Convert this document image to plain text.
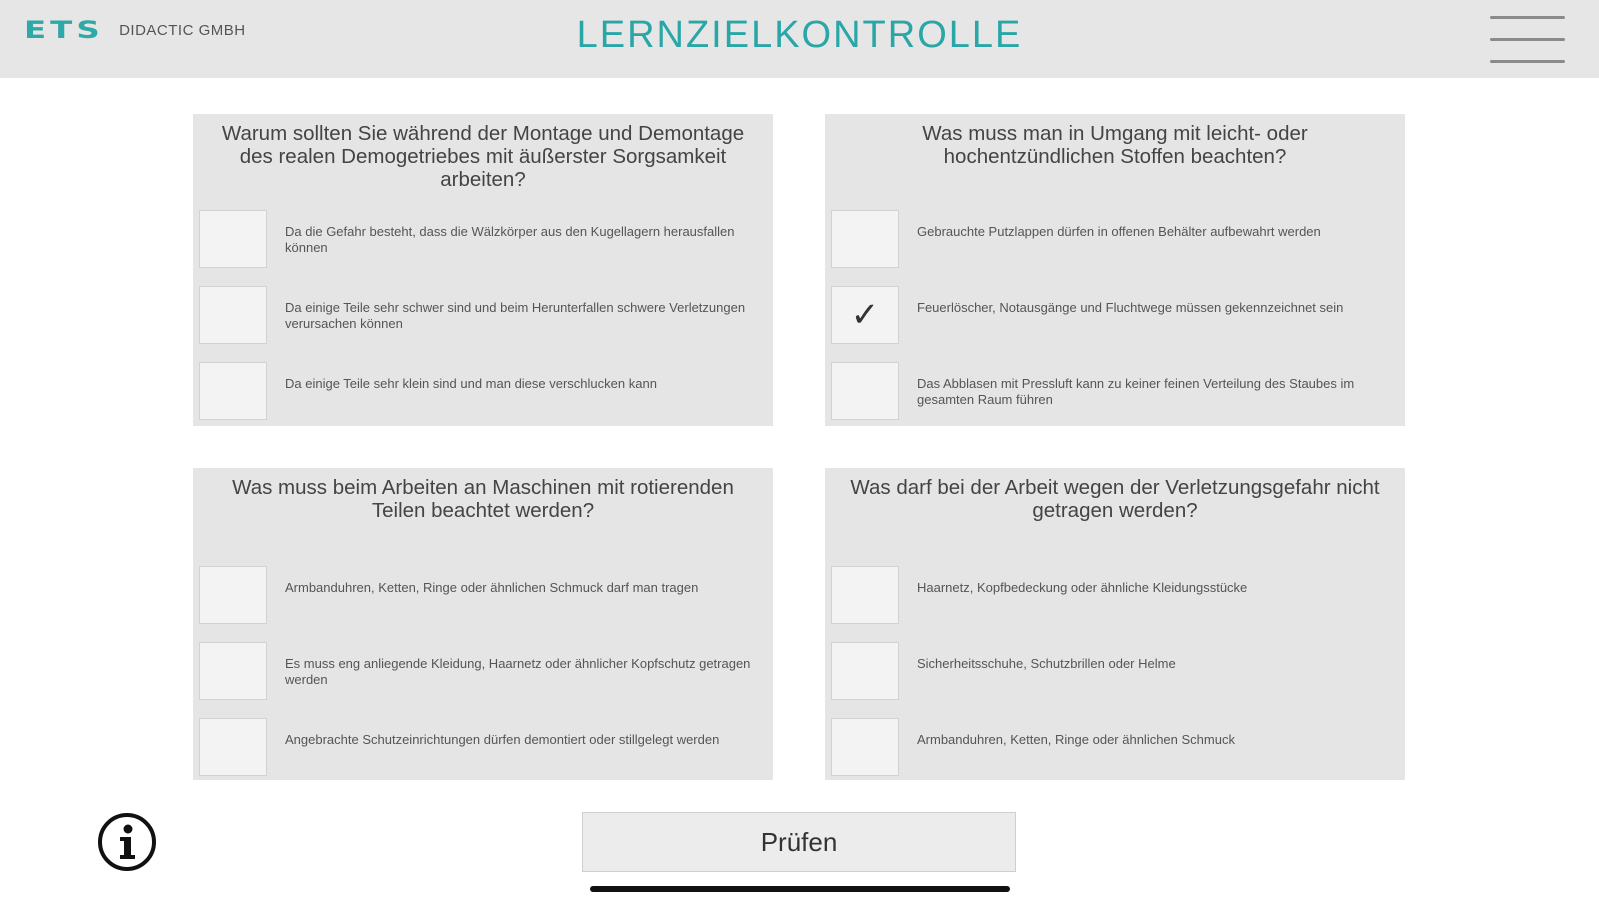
ETS DIDACTIC GMBH	LERNZIELKONTROLLE
Warum sollten Sie während der Montage und Demontage des realen Demogetriebes mit äußerster Sorgsamkeit arbeiten?
Da die Gefahr besteht, dass die Wälzkörper aus den Kugellagern herausfallen können
Da einige Teile sehr schwer sind und beim Herunterfallen schwere Verletzungen verursachen können
Da einige Teile sehr klein sind und man diese verschlucken kann
Was muss man in Umgang mit leicht- oder hochentzündlichen Stoffen beachten?
Gebrauchte Putzlappen dürfen in offenen Behälter aufbewahrt werden
✓	Feuerlöscher, Notausgänge und Fluchtwege müssen gekennzeichnet sein
Das Abblasen mit Pressluft kann zu keiner feinen Verteilung des Staubes im gesamten Raum führen
Was muss beim Arbeiten an Maschinen mit rotierenden Teilen beachtet werden?
Armbanduhren, Ketten, Ringe oder ähnlichen Schmuck darf man tragen
Es muss eng anliegende Kleidung, Haarnetz oder ähnlicher Kopfschutz getragen werden
Angebrachte Schutzeinrichtungen dürfen demontiert oder stillgelegt werden
Was darf bei der Arbeit wegen der Verletzungsgefahr nicht getragen werden?
Haarnetz, Kopfbedeckung oder ähnliche Kleidungsstücke
Sicherheitsschuhe, Schutzbrillen oder Helme
Armbanduhren, Ketten, Ringe oder ähnlichen Schmuck
Prüfen
